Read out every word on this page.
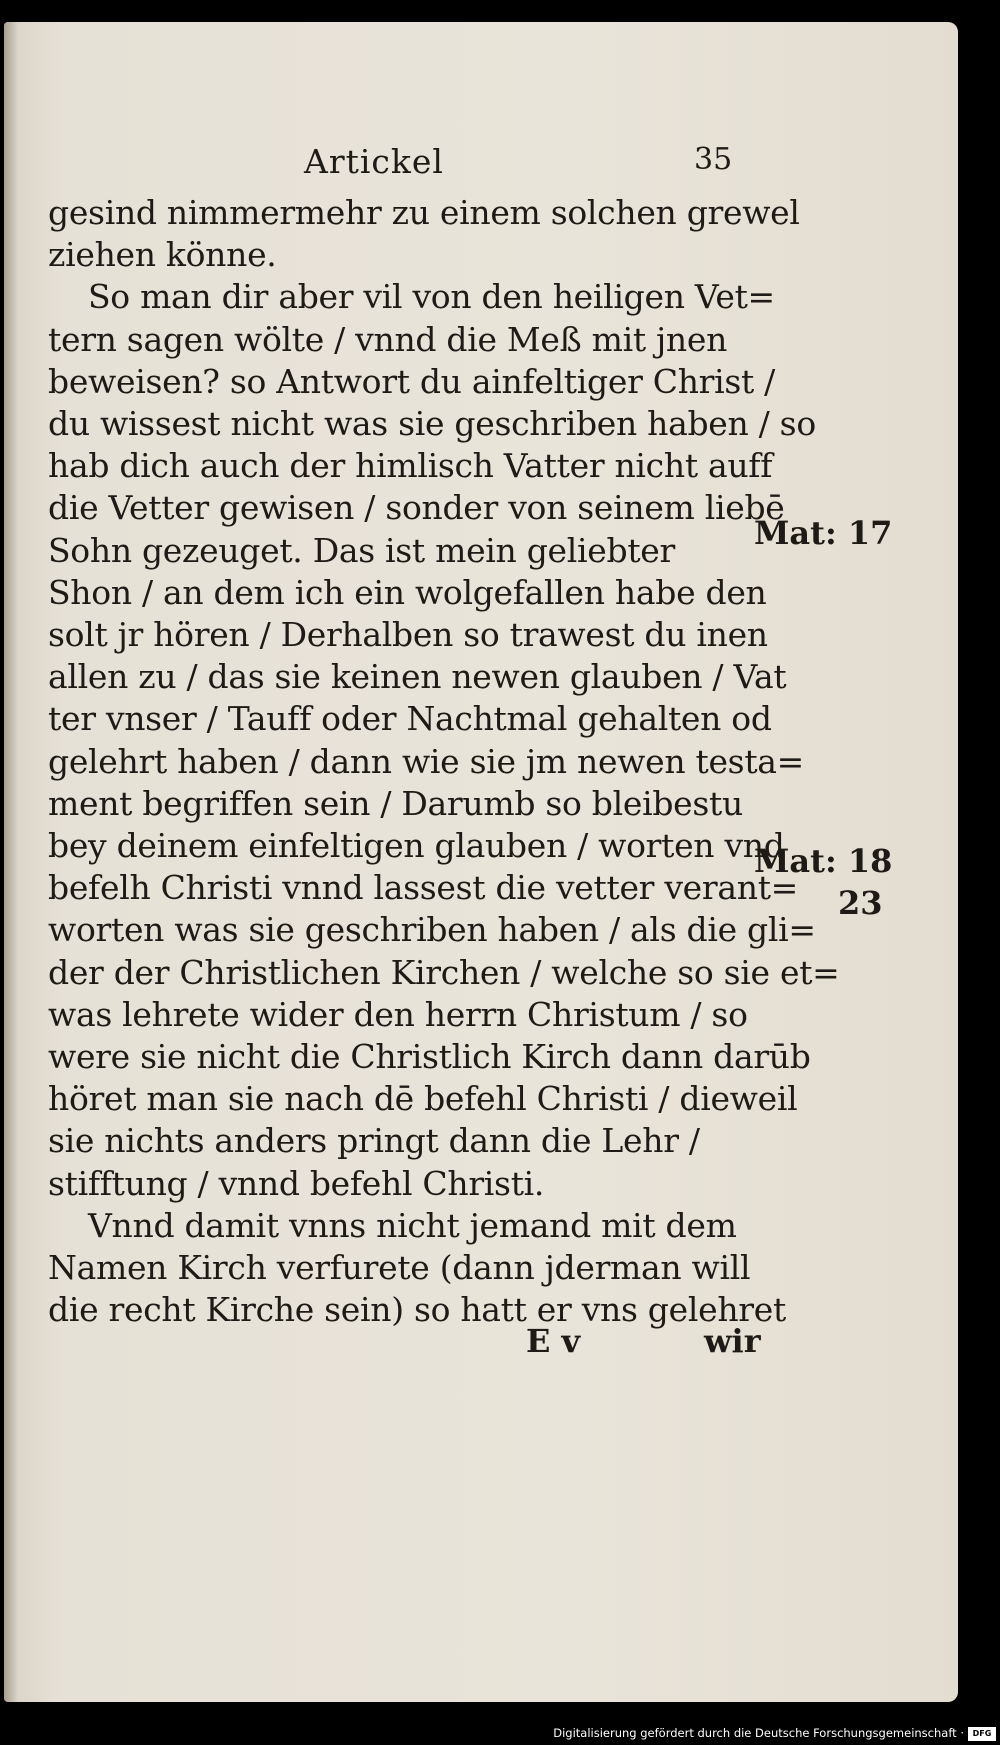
Artickel	35
gesind nimmermehr zu einem solchen grewel
ziehen könne.
So man dir aber vil von den heiligen Vet=
tern sagen wölte / vnnd die Meß mit jnen
beweisen? so Antwort du ainfeltiger Christ /
du wissest nicht was sie geschriben haben / so
hab dich auch der himlisch Vatter nicht auff
die Vetter gewisen / sonder von seinem liebē
Sohn gezeuget. Das ist mein geliebter
Shon / an dem ich ein wolgefallen habe den
solt jr hören / Derhalben so trawest du inen
allen zu / das sie keinen newen glauben / Vat
ter vnser / Tauff oder Nachtmal gehalten od
gelehrt haben / dann wie sie jm newen testa=
ment begriffen sein / Darumb so bleibestu
bey deinem einfeltigen glauben / worten vnd
befelh Christi vnnd lassest die vetter verant=
worten was sie geschriben haben / als die gli=
der der Christlichen Kirchen / welche so sie et=
was lehrete wider den herrn Christum / so
were sie nicht die Christlich Kirch dann darūb
höret man sie nach dē befehl Christi / dieweil
sie nichts anders pringt dann die Lehr /
stifftung / vnnd befehl Christi.
Vnnd damit vnns nicht jemand mit dem
Namen Kirch verfurete (dann jderman will
die recht Kirche sein) so hatt er vns gelehret
Mat: 17
Mat: 18
23
E v	wir
Digitalisierung gefördert durch die Deutsche Forschungsgemeinschaft ·	DFG
